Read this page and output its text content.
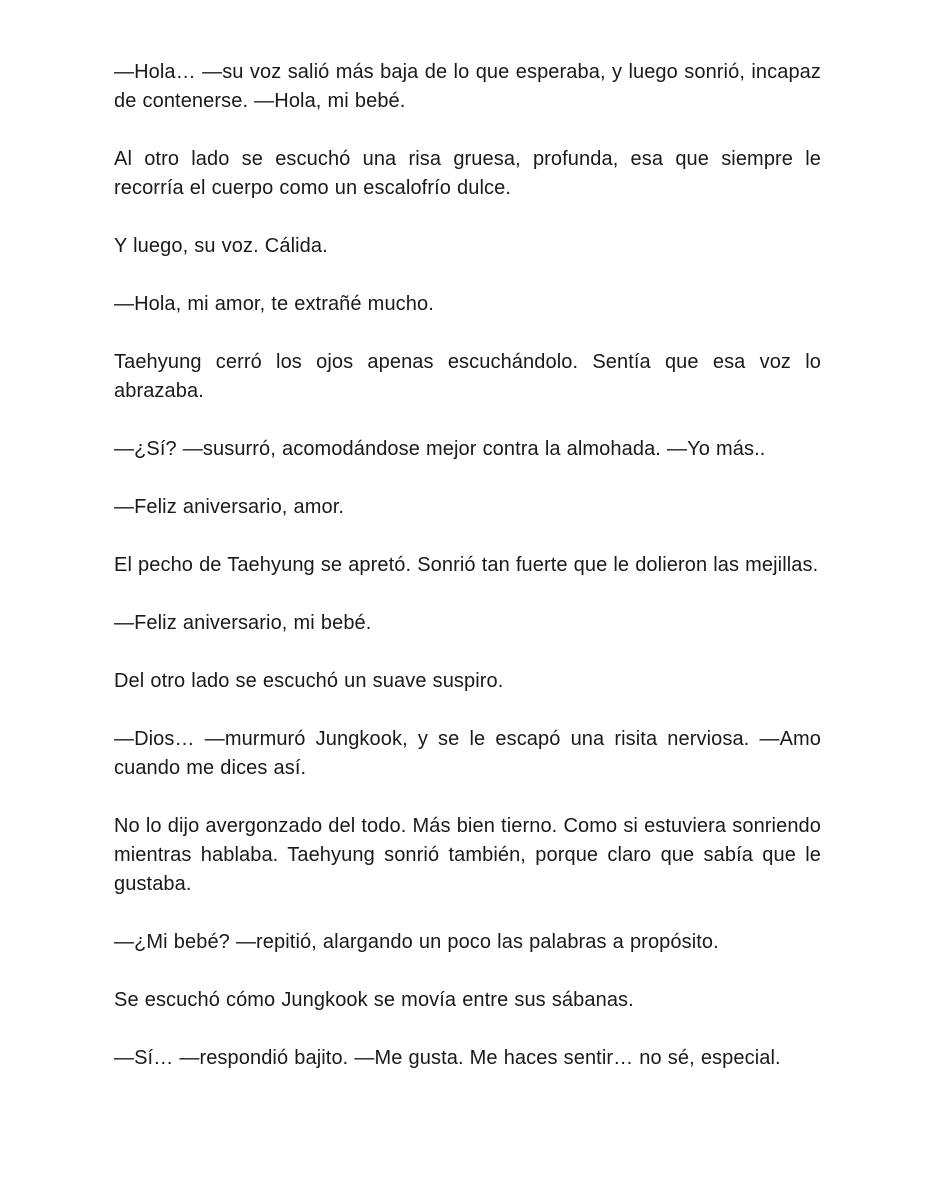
—Hola… —su voz salió más baja de lo que esperaba, y luego sonrió, incapaz de contenerse. —Hola, mi bebé.

Al otro lado se escuchó una risa gruesa, profunda, esa que siempre le recorría el cuerpo como un escalofrío dulce.

Y luego, su voz. Cálida.

—Hola, mi amor, te extrañé mucho.

Taehyung cerró los ojos apenas escuchándolo. Sentía que esa voz lo abrazaba.

—¿Sí? —susurró, acomodándose mejor contra la almohada. —Yo más..

—Feliz aniversario, amor.

El pecho de Taehyung se apretó. Sonrió tan fuerte que le dolieron las mejillas.

—Feliz aniversario, mi bebé.

Del otro lado se escuchó un suave suspiro.

—Dios… —murmuró Jungkook, y se le escapó una risita nerviosa. —Amo cuando me dices así.

No lo dijo avergonzado del todo. Más bien tierno. Como si estuviera sonriendo mientras hablaba. Taehyung sonrió también, porque claro que sabía que le gustaba.

—¿Mi bebé? —repitió, alargando un poco las palabras a propósito.

Se escuchó cómo Jungkook se movía entre sus sábanas.

—Sí… —respondió bajito. —Me gusta. Me haces sentir… no sé, especial.
